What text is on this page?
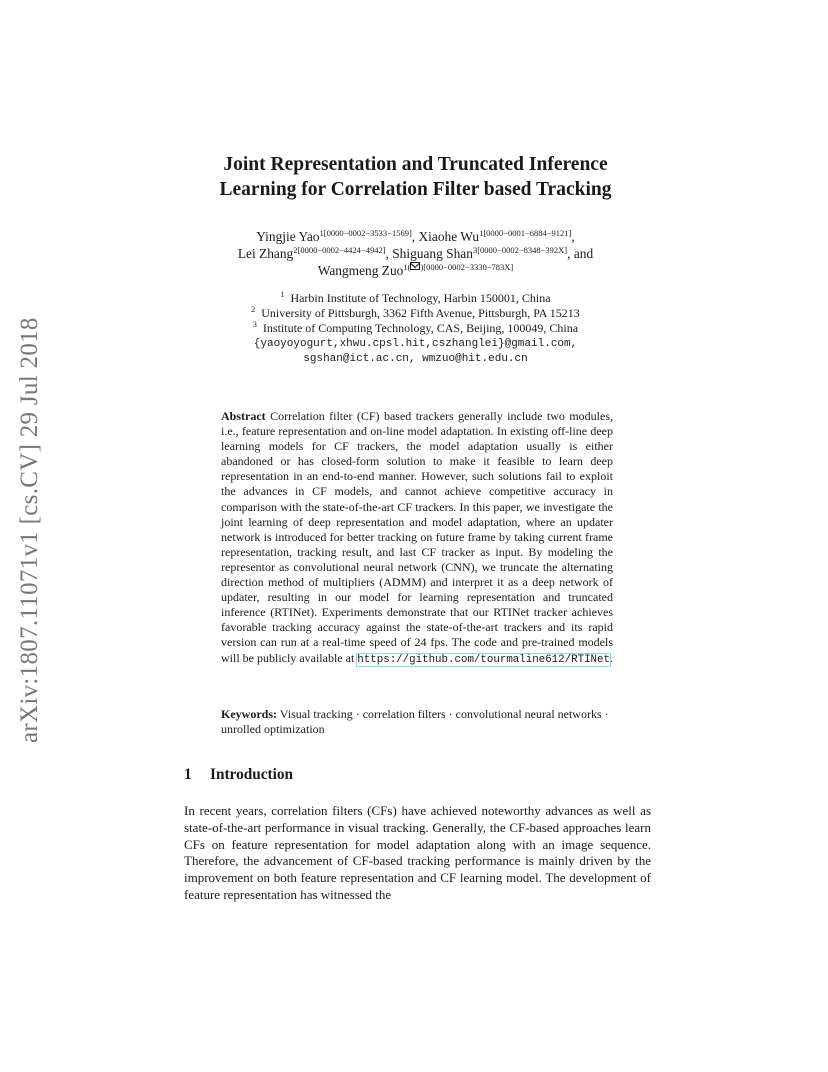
arXiv:1807.11071v1 [cs.CV] 29 Jul 2018
Joint Representation and Truncated Inference
Learning for Correlation Filter based Tracking
Yingjie Yao$^{1[0000-0002-3533-1569]}$, Xiaohe $Wu^{1[0000-0001-6884-9121]}$,
Lei Zhang$^{2[0000-0002-4424-4942]}$, Shiguang Shan$^{3[0000-0002-8348-392X]}$, and
Wangmeng Zuo$^{1( )[0000-0002-3330-783X]}$
$^1$ Harbin Institute of Technology, Harbin 150001, China
$^2$ University of Pittsburgh, 3362 Fifth Avenue, Pittsburgh, PA 15213
$^3$ Institute of Computing Technology, CAS, Beijing, 100049, China
{yaoyoyogurt,xhwu.cpsl.hit,cszhanglei}@gmail.com,
sgshan@ict.ac.cn, wmzuo@hit.edu.cn

Abstract Correlation filter (CF) based trackers generally include two modules, i.e., feature representation and on-line model adaptation. In existing off-line deep learning models for CF trackers, the model adaptation usually is either abandoned or has closed-form solution to make it feasible to learn deep representation in an end-to-end manner. However, such solutions fail to exploit the advances in CF models, and cannot achieve competitive accuracy in comparison with the state-of-the-art CF trackers. In this paper, we investigate the joint learning of deep representation and model adaptation, where an updater network is introduced for better tracking on future frame by taking current frame representation, tracking result, and last CF tracker as input. By modeling the representor as convolutional neural network (CNN), we truncate the alternating direction method of multipliers (ADMM) and interpret it as a deep network of updater, resulting in our model for learning representation and truncated inference (RTINet). Experiments demonstrate that our RTINet tracker achieves favorable tracking accuracy against the state-of-the-art trackers and its rapid version can run at a real-time speed of 24 fps. The code and pre-trained models will be publicly available at https://github.com/tourmaline612/RTINet.

Keywords: Visual tracking · correlation filters · convolutional neural networks · unrolled optimization

1 Introduction

In recent years, correlation filters (CFs) have achieved noteworthy advances as well as state-of-the-art performance in visual tracking. Generally, the CF-based approaches learn CFs on feature representation for model adaptation along with an image sequence. Therefore, the advancement of CF-based tracking performance is mainly driven by the improvement on both feature representation and CF learning model. The development of feature representation has witnessed the
